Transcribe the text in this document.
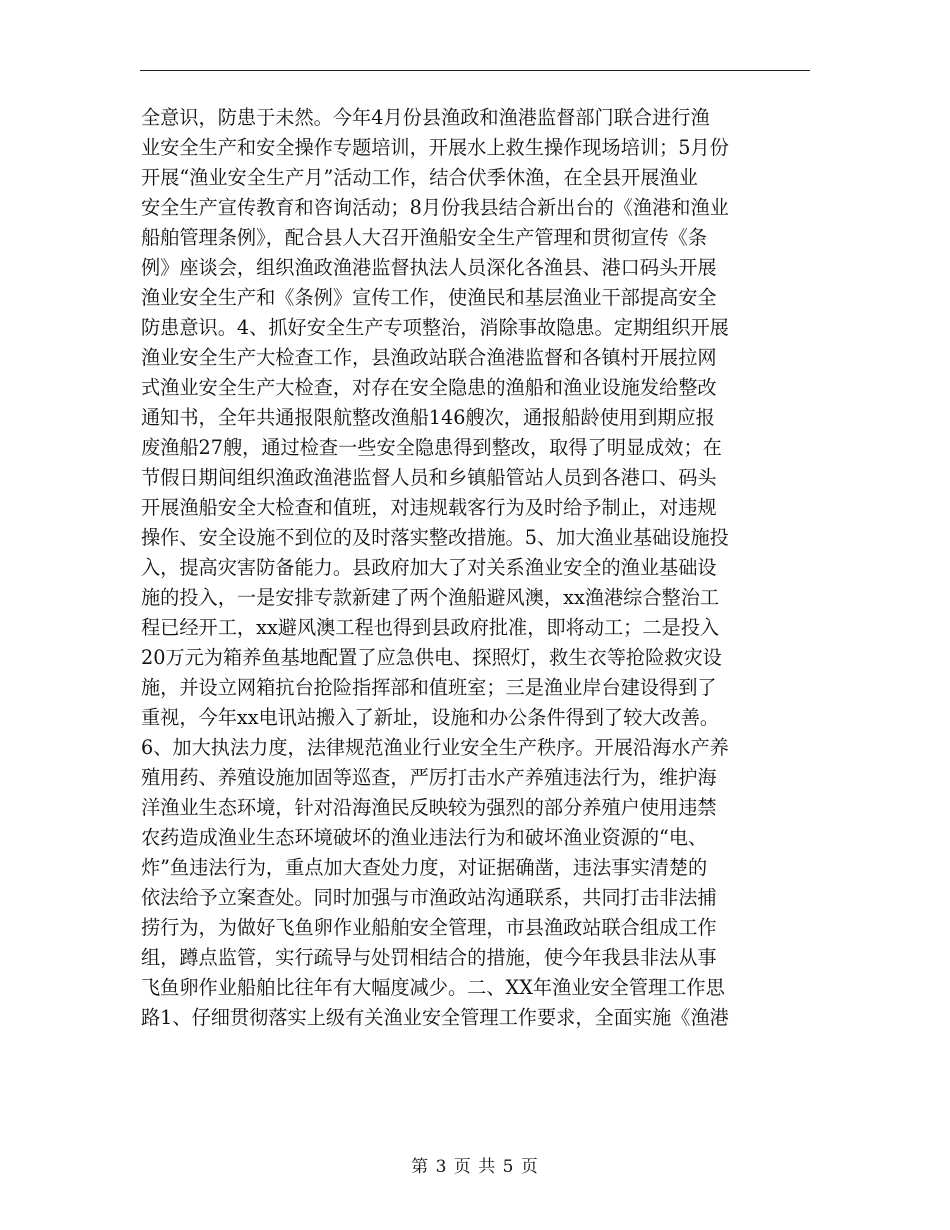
全意识，防患于未然。今年4月份县渔政和渔港监督部门联合进行渔
业安全生产和安全操作专题培训，开展水上救生操作现场培训；5月份
开展“渔业安全生产月”活动工作，结合伏季休渔，在全县开展渔业
安全生产宣传教育和咨询活动；8月份我县结合新出台的《渔港和渔业
船舶管理条例》，配合县人大召开渔船安全生产管理和贯彻宣传《条
例》座谈会，组织渔政渔港监督执法人员深化各渔县、港口码头开展
渔业安全生产和《条例》宣传工作，使渔民和基层渔业干部提高安全
防患意识。4、抓好安全生产专项整治，消除事故隐患。定期组织开展
渔业安全生产大检查工作，县渔政站联合渔港监督和各镇村开展拉网
式渔业安全生产大检查，对存在安全隐患的渔船和渔业设施发给整改
通知书，全年共通报限航整改渔船146艘次，通报船龄使用到期应报
废渔船27艘，通过检查一些安全隐患得到整改，取得了明显成效；在
节假日期间组织渔政渔港监督人员和乡镇船管站人员到各港口、码头
开展渔船安全大检查和值班，对违规载客行为及时给予制止，对违规
操作、安全设施不到位的及时落实整改措施。5、加大渔业基础设施投
入，提高灾害防备能力。县政府加大了对关系渔业安全的渔业基础设
施的投入，一是安排专款新建了两个渔船避风澳，xx渔港综合整治工
程已经开工，xx避风澳工程也得到县政府批准，即将动工；二是投入
20万元为箱养鱼基地配置了应急供电、探照灯，救生衣等抢险救灾设
施，并设立网箱抗台抢险指挥部和值班室；三是渔业岸台建设得到了
重视，今年xx电讯站搬入了新址，设施和办公条件得到了较大改善。
6、加大执法力度，法律规范渔业行业安全生产秩序。开展沿海水产养
殖用药、养殖设施加固等巡查，严厉打击水产养殖违法行为，维护海
洋渔业生态环境，针对沿海渔民反映较为强烈的部分养殖户使用违禁
农药造成渔业生态环境破坏的渔业违法行为和破坏渔业资源的“电、
炸”鱼违法行为，重点加大查处力度，对证据确凿，违法事实清楚的
依法给予立案查处。同时加强与市渔政站沟通联系，共同打击非法捕
捞行为，为做好飞鱼卵作业船舶安全管理，市县渔政站联合组成工作
组，蹲点监管，实行疏导与处罚相结合的措施，使今年我县非法从事
飞鱼卵作业船舶比往年有大幅度减少。二、XX年渔业安全管理工作思
路1、仔细贯彻落实上级有关渔业安全管理工作要求，全面实施《渔港
第 3 页 共 5 页
